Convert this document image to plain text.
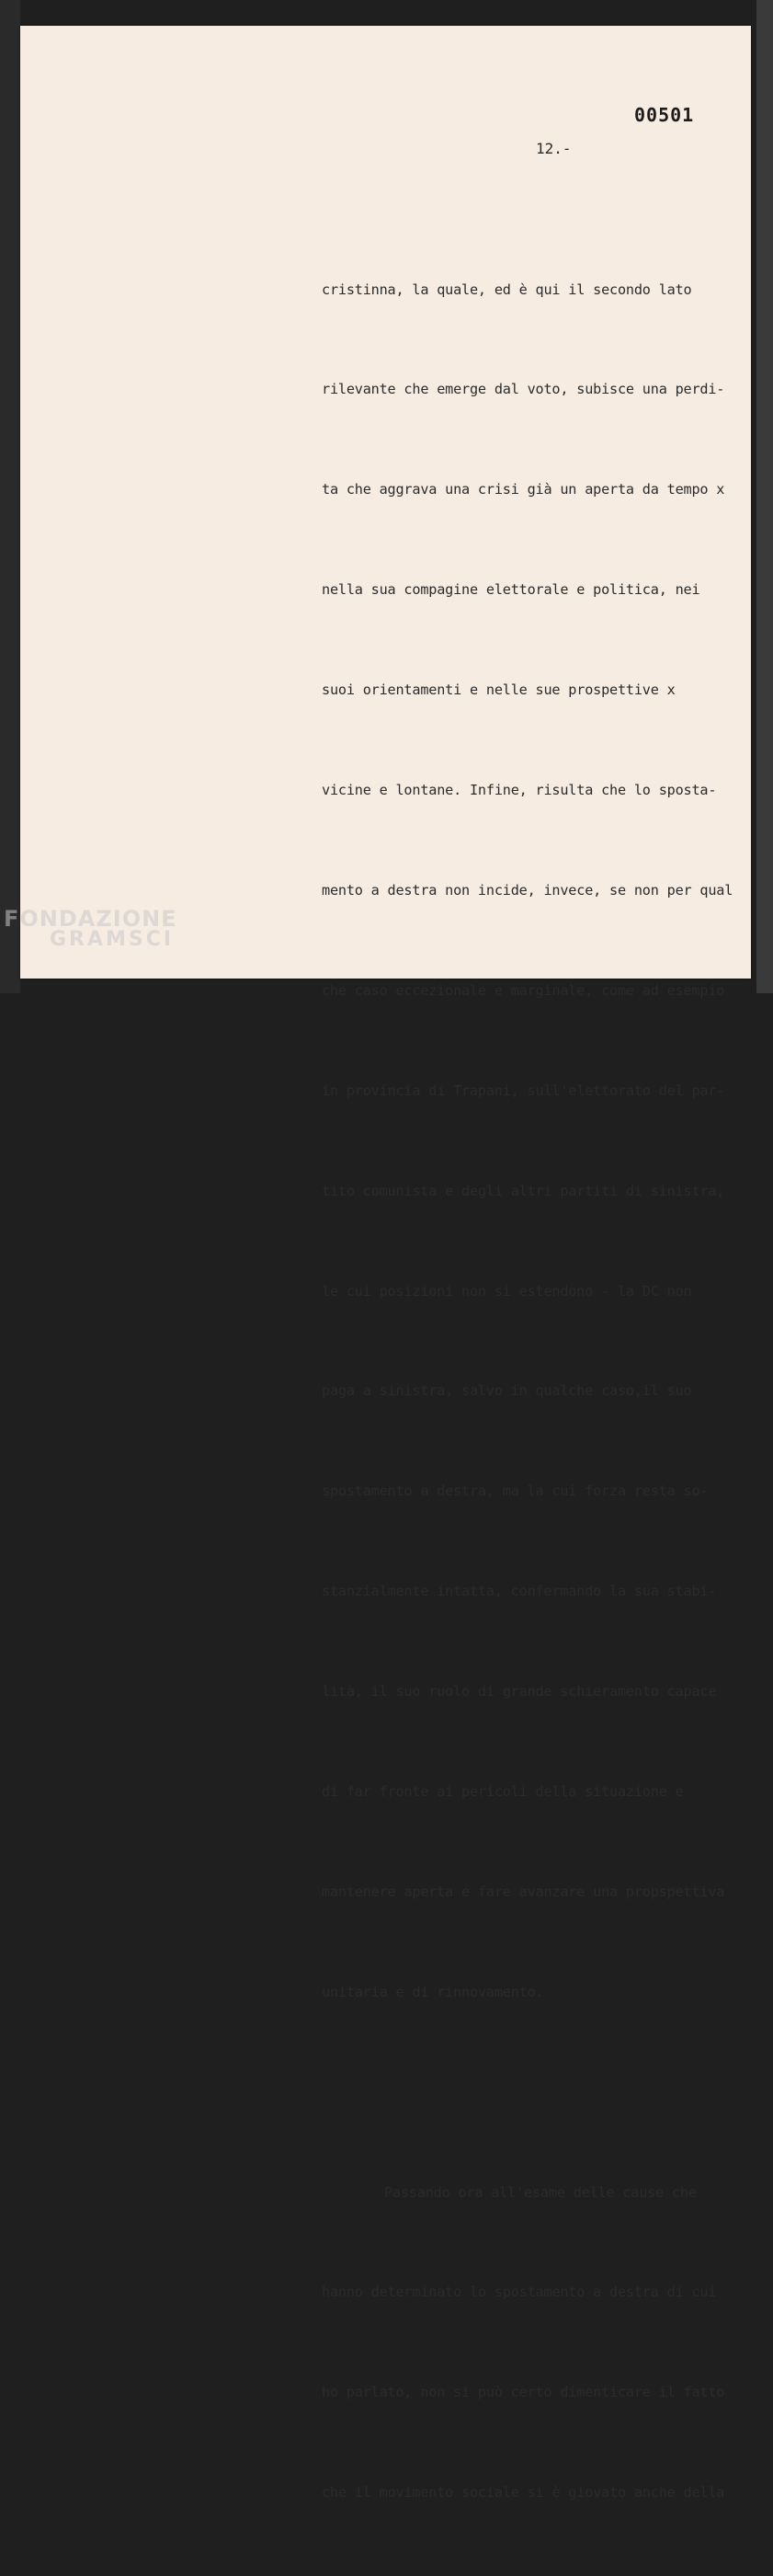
00501
12.-

cristinna, la quale, ed è qui il secondo lato

rilevante che emerge dal voto, subisce una perdi-

ta che aggrava una crisi già un aperta da tempo x

nella sua compagine elettorale e politica, nei

suoi orientamenti e nelle sue prospettive x

vicine e lontane. Infine, risulta che lo sposta-

mento a destra non incide, invece, se non per qual

che caso eccezionale e marginale, come ad esempio

in provincia di Trapani, sull'elettorato del par-

tito comunista e degli altri partiti di sinistra,

le cui posizioni non si estendono - la DC non

paga a sinistra, salvo in qualche caso,il suo

spostamento a destra, ma la cui forza resta so-

stanzialmente intatta, confermando la sua stabi-

lità, il suo ruolo di grande schieramento capace

di far fronte ai pericoli della situazione e

mantenere aperta e fare avanzare una propspettiva

unitaria e di rinnovamento.

Passando ora all'esame delle cause che

hanno determinato lo spostamento a destra di cui

ho parlato, non si può certo dimenticare il fatto

che il movimento sociale si è giovato anche della

FONDAZIONE
GRAMSCI
